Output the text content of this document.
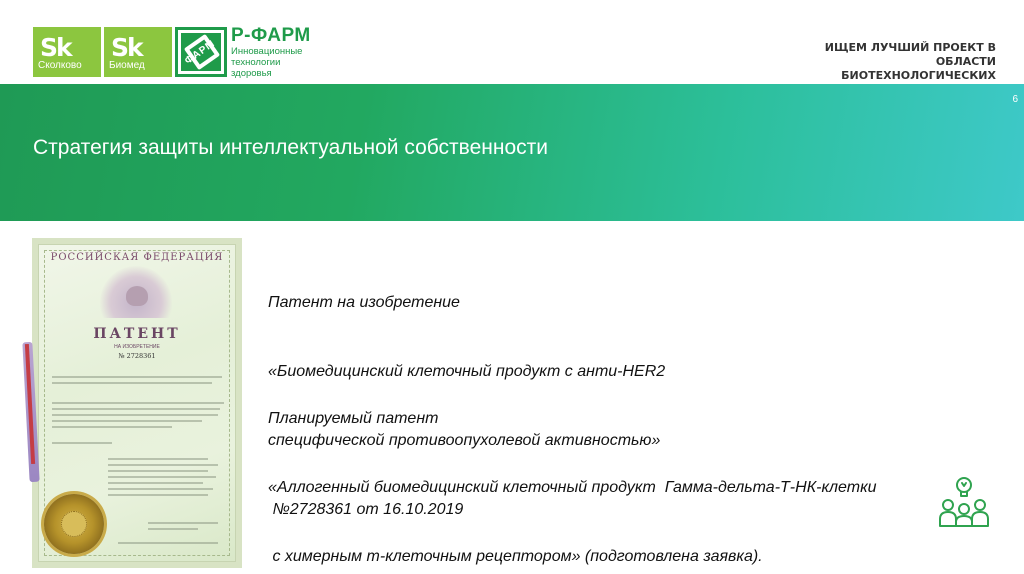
Sk
Сколково
Sk
Биомед	ФАРМ
Р-ФАРМ
Инновационные технологии здоровья
ИЩЕМ ЛУЧШИЙ ПРОЕКТ В ОБЛАСТИ
БИОТЕХНОЛОГИЧЕСКИХ
Стратегия защиты интеллектуальной собственности
6
РОССИЙСКАЯ ФЕДЕРАЦИЯ
ПАТЕНТ
НА ИЗОБРЕТЕНИЕ
№ 2728361

Патент на изобретение

«Биомедицинский клеточный продукт с анти-HER2

специфической противоопухолевой активностью»

№2728361 от 16.10.2019

Планируемый патент

«Аллогенный биомедицинский клеточный продукт  Гамма-дельта-Т-НК-клетки

с химерным т-клеточным рецептором» (подготовлена заявка).
